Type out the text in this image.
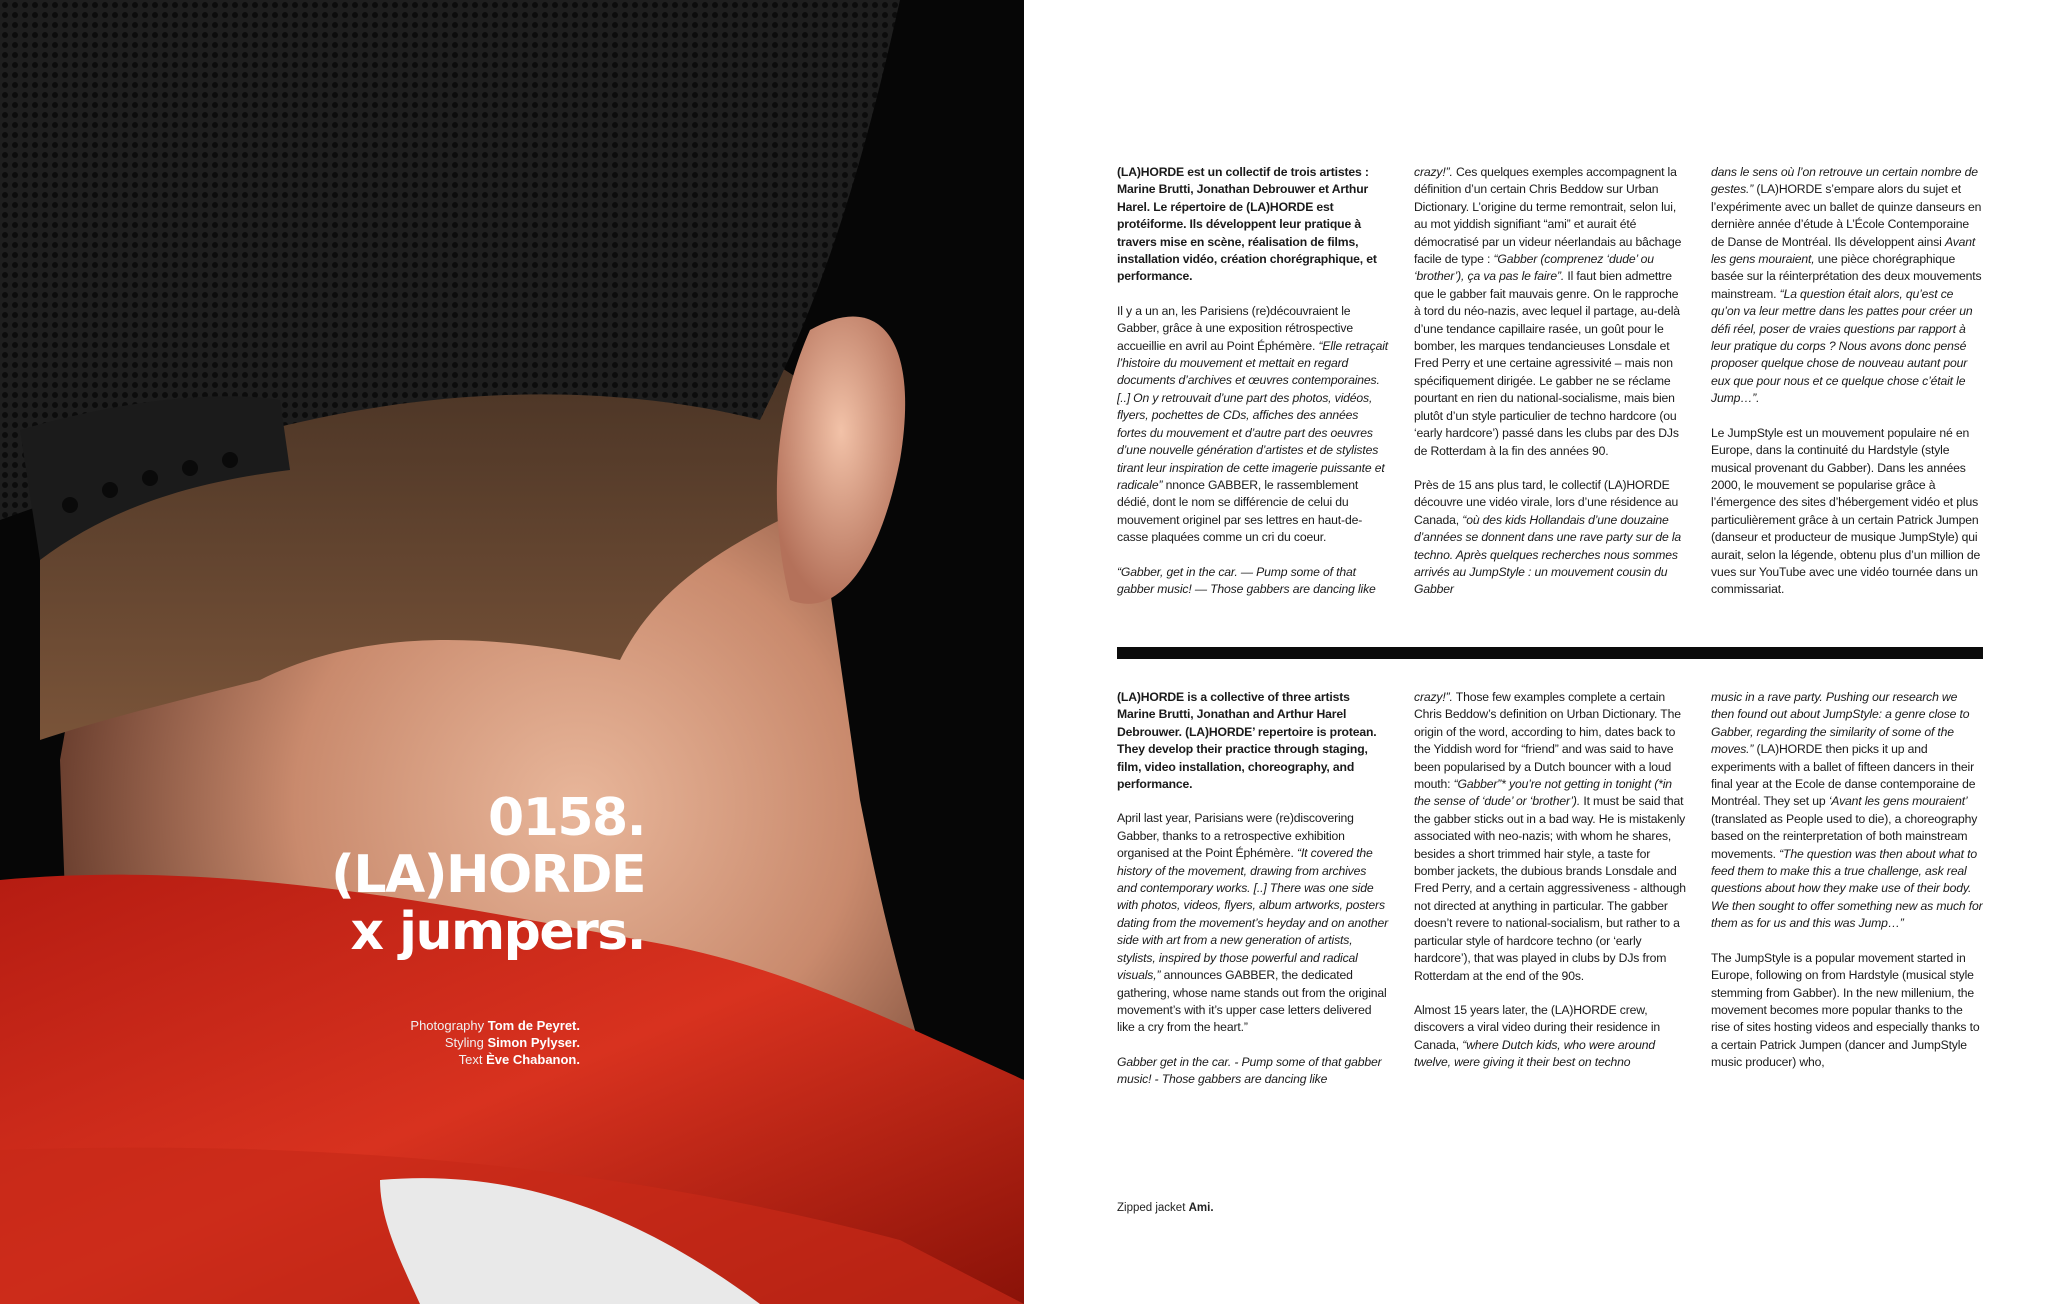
0158.
(LA)HORDE
x jumpers.
Photography Tom de Peyret.
Styling Simon Pylyser.
Text Ève Chabanon.

(LA)HORDE est un collectif de trois artistes : Marine Brutti, Jonathan Debrouwer et Arthur Harel. Le répertoire de (LA)HORDE est protéiforme. Ils développent leur pratique à travers mise en scène, réalisation de films, installation vidéo, création chorégraphique, et performance.

Il y a un an, les Parisiens (re)découvraient le Gabber, grâce à une exposition rétrospective accueillie en avril au Point Éphémère. “Elle retraçait l’histoire du mouvement et mettait en regard documents d’archives et œuvres contemporaines. [..] On y retrouvait d’une part des photos, vidéos, flyers, pochettes de CDs, affiches des années fortes du mouvement et d’autre part des oeuvres d’une nouvelle génération d’artistes et de stylistes tirant leur inspiration de cette imagerie puissante et radicale” nnonce GABBER, le rassemblement dédié, dont le nom se différencie de celui du mouvement originel par ses lettres en haut-de-casse plaquées comme un cri du coeur.

“Gabber, get in the car. — Pump some of that gabber music! — Those gabbers are dancing like

crazy!”. Ces quelques exemples accompagnent la définition d’un certain Chris Beddow sur Urban Dictionary. L’origine du terme remontrait, selon lui, au mot yiddish signifiant “ami” et aurait été démocratisé par un videur néerlandais au bâchage facile de type : “Gabber (comprenez ‘dude’ ou ‘brother’), ça va pas le faire”. Il faut bien admettre que le gabber fait mauvais genre. On le rapproche à tord du néo-nazis, avec lequel il partage, au-delà d’une tendance capillaire rasée, un goût pour le bomber, les marques tendancieuses Lonsdale et Fred Perry et une certaine agressivité – mais non spécifiquement dirigée. Le gabber ne se réclame pourtant en rien du national-socialisme, mais bien plutôt d’un style particulier de techno hardcore (ou ‘early hardcore’) passé dans les clubs par des DJs de Rotterdam à la fin des années 90.

Près de 15 ans plus tard, le collectif (LA)HORDE découvre une vidéo virale, lors d’une résidence au Canada, “où des kids Hollandais d’une douzaine d’années se donnent dans une rave party sur de la techno. Après quelques recherches nous sommes arrivés au JumpStyle : un mouvement cousin du Gabber

dans le sens où l’on retrouve un certain nombre de gestes.” (LA)HORDE s’empare alors du sujet et l’expérimente avec un ballet de quinze danseurs en dernière année d’étude à L’École Contemporaine de Danse de Montréal. Ils développent ainsi Avant les gens mouraient, une pièce chorégraphique basée sur la réinterprétation des deux mouvements mainstream. “La question était alors, qu’est ce qu’on va leur mettre dans les pattes pour créer un défi réel, poser de vraies questions par rapport à leur pratique du corps ? Nous avons donc pensé proposer quelque chose de nouveau autant pour eux que pour nous et ce quelque chose c’était le Jump…”.

Le JumpStyle est un mouvement populaire né en Europe, dans la continuité du Hardstyle (style musical provenant du Gabber). Dans les années 2000, le mouvement se popularise grâce à l’émergence des sites d’hébergement vidéo et plus particulièrement grâce à un certain Patrick Jumpen (danseur et producteur de musique JumpStyle) qui aurait, selon la légende, obtenu plus d’un million de vues sur YouTube avec une vidéo tournée dans un commissariat.

(LA)HORDE is a collective of three artists Marine Brutti, Jonathan and Arthur Harel Debrouwer. (LA)HORDE’ repertoire is protean. They develop their practice through staging, film, video installation, choreography, and performance.

April last year, Parisians were (re)discovering Gabber, thanks to a retrospective exhibition organised at the Point Éphémère. “It covered the history of the movement, drawing from archives and contemporary works. [..] There was one side with photos, videos, flyers, album artworks, posters dating from the movement’s heyday and on another side with art from a new generation of artists, stylists, inspired by those powerful and radical visuals,” announces GABBER, the dedicated gathering, whose name stands out from the original movement’s with it’s upper case letters delivered like a cry from the heart.”

Gabber get in the car. - Pump some of that gabber music! - Those gabbers are dancing like

crazy!”. Those few examples complete a certain Chris Beddow’s definition on Urban Dictionary. The origin of the word, according to him, dates back to the Yiddish word for “friend” and was said to have been popularised by a Dutch bouncer with a loud mouth: “Gabber”* you’re not getting in tonight (*in the sense of ‘dude’ or ‘brother’). It must be said that the gabber sticks out in a bad way. He is mistakenly associated with neo-nazis; with whom he shares, besides a short trimmed hair style, a taste for bomber jackets, the dubious brands Lonsdale and Fred Perry, and a certain aggressiveness - although not directed at anything in particular. The gabber doesn’t revere to national-socialism, but rather to a particular style of hardcore techno (or ‘early hardcore’), that was played in clubs by DJs from Rotterdam at the end of the 90s.

Almost 15 years later, the (LA)HORDE crew, discovers a viral video during their residence in Canada, “where Dutch kids, who were around twelve, were giving it their best on techno

music in a rave party. Pushing our research we then found out about JumpStyle: a genre close to Gabber, regarding the similarity of some of the moves.” (LA)HORDE then picks it up and experiments with a ballet of fifteen dancers in their final year at the Ecole de danse contemporaine de Montréal. They set up ‘Avant les gens mouraient’ (translated as People used to die), a choreography based on the reinterpretation of both mainstream movements. “The question was then about what to feed them to make this a true challenge, ask real questions about how they make use of their body. We then sought to offer something new as much for them as for us and this was Jump…”

The JumpStyle is a popular movement started in Europe, following on from Hardstyle (musical style stemming from Gabber). In the new millenium, the movement becomes more popular thanks to the rise of sites hosting videos and especially thanks to a certain Patrick Jumpen (dancer and JumpStyle music producer) who,

Zipped jacket Ami.
